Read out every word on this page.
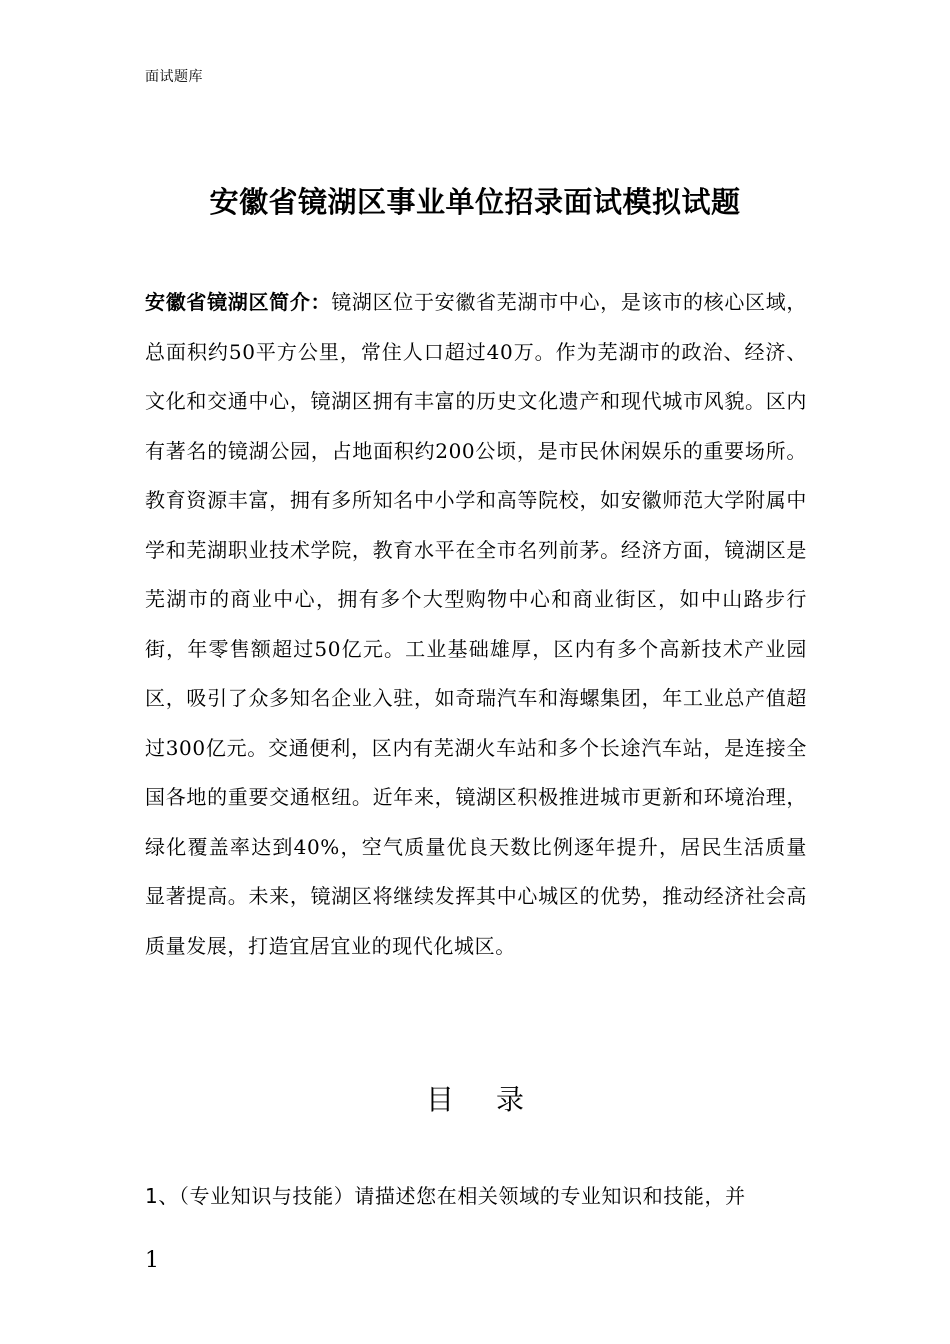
面试题库
安徽省镜湖区事业单位招录面试模拟试题

安徽省镜湖区简介：镜湖区位于安徽省芜湖市中心，是该市的核心区域，总面积约50平方公里，常住人口超过40万。作为芜湖市的政治、经济、文化和交通中心，镜湖区拥有丰富的历史文化遗产和现代城市风貌。区内有著名的镜湖公园，占地面积约200公顷，是市民休闲娱乐的重要场所。教育资源丰富，拥有多所知名中小学和高等院校，如安徽师范大学附属中学和芜湖职业技术学院，教育水平在全市名列前茅。经济方面，镜湖区是芜湖市的商业中心，拥有多个大型购物中心和商业街区，如中山路步行街，年零售额超过50亿元。工业基础雄厚，区内有多个高新技术产业园区，吸引了众多知名企业入驻，如奇瑞汽车和海螺集团，年工业总产值超过300亿元。交通便利，区内有芜湖火车站和多个长途汽车站，是连接全国各地的重要交通枢纽。近年来，镜湖区积极推进城市更新和环境治理，绿化覆盖率达到40%，空气质量优良天数比例逐年提升，居民生活质量显著提高。未来，镜湖区将继续发挥其中心城区的优势，推动经济社会高质量发展，打造宜居宜业的现代化城区。

目 录
1、（专业知识与技能）请描述您在相关领域的专业知识和技能，并
1
